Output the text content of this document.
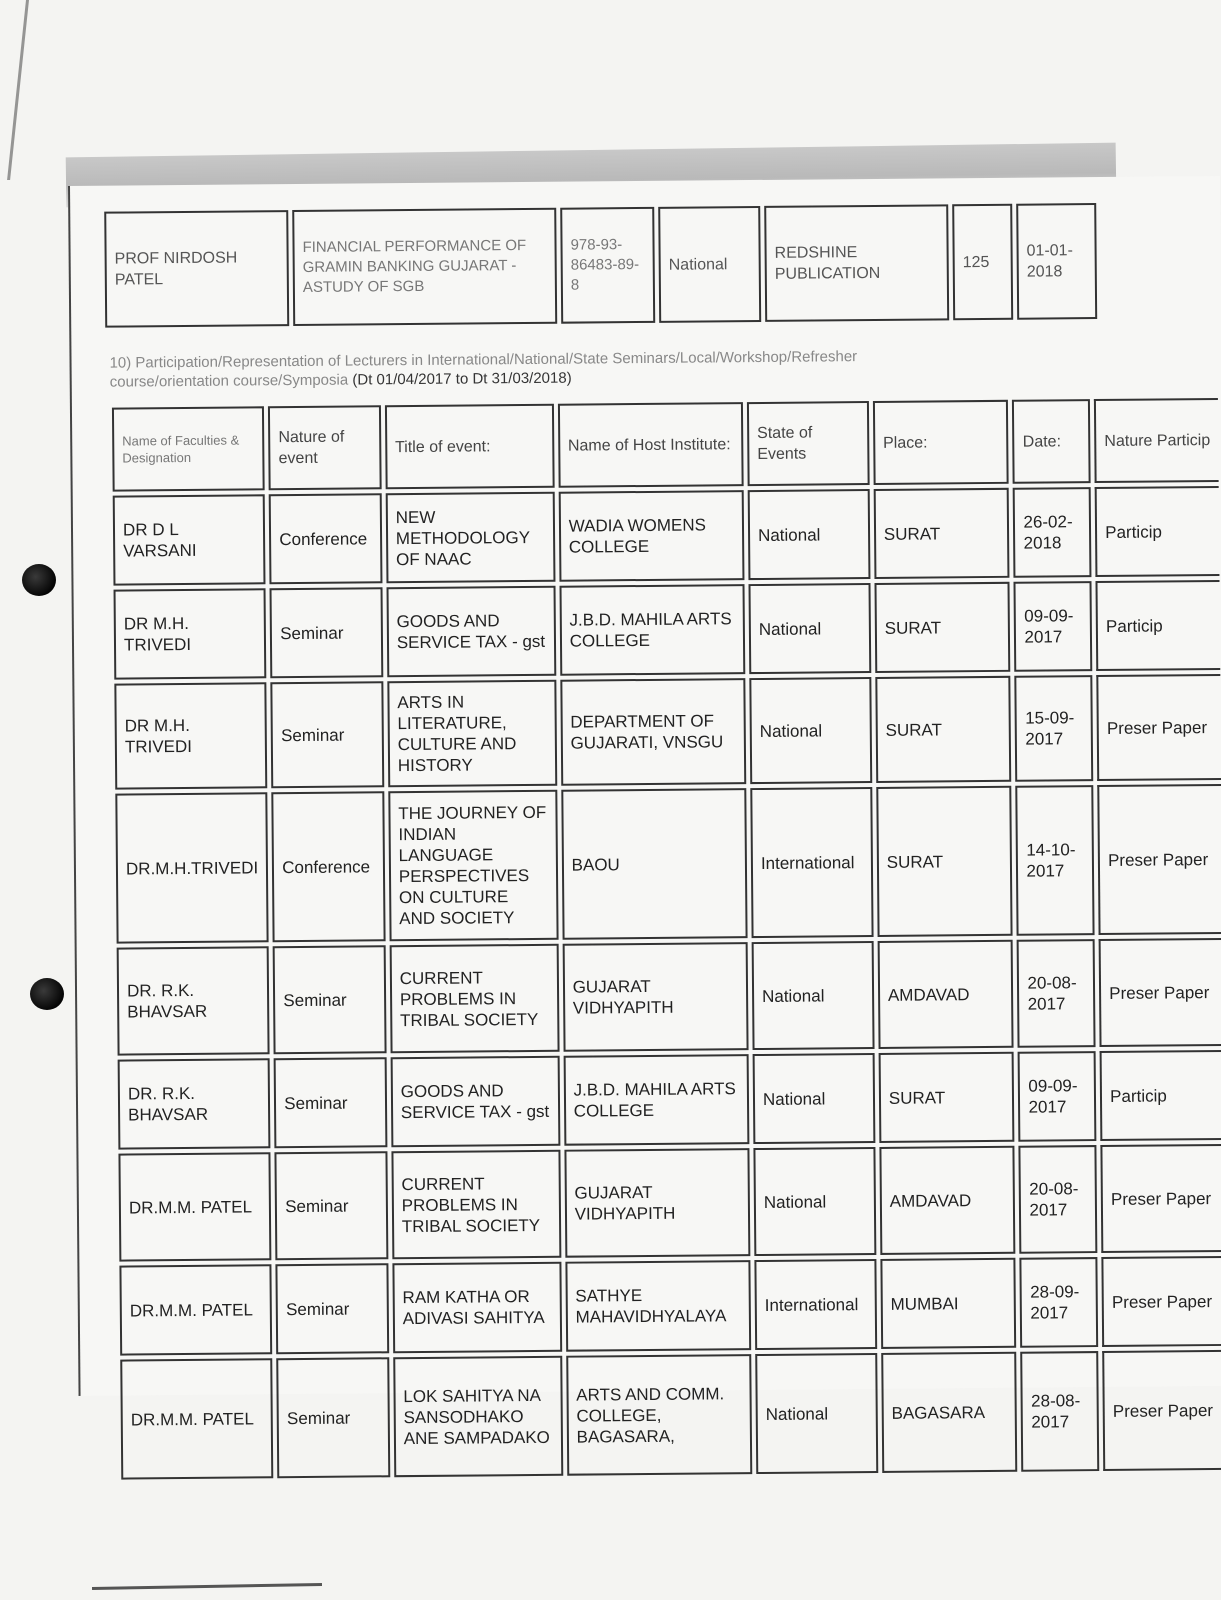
PROF NIRDOSH PATEL	FINANCIAL PERFORMANCE OF GRAMIN BANKING GUJARAT - ASTUDY OF SGB	978-93-86483-89-8	National	REDSHINE PUBLICATION	125	01-01-2018
10) Participation/Representation of Lecturers in International/National/State Seminars/Local/Workshop/Refresher
course/orientation course/Symposia (Dt 01/04/2017 to Dt 31/03/2018)
Name of Faculties & Designation	Nature of event	Title of event:	Name of Host Institute:	State of Events	Place:	Date:	Nature Particip
DR D L VARSANI	Conference	NEW METHODOLOGY OF NAAC	WADIA WOMENS COLLEGE	National	SURAT	26-02-2018	Particip
DR M.H. TRIVEDI	Seminar	GOODS AND SERVICE TAX - gst	J.B.D. MAHILA ARTS COLLEGE	National	SURAT	09-09-2017	Particip
DR M.H. TRIVEDI	Seminar	ARTS IN LITERATURE, CULTURE AND HISTORY	DEPARTMENT OF GUJARATI, VNSGU	National	SURAT	15-09-2017	Preser Paper
DR.M.H.TRIVEDI	Conference	THE JOURNEY OF INDIAN LANGUAGE PERSPECTIVES ON CULTURE AND SOCIETY	BAOU	International	SURAT	14-10-2017	Preser Paper
DR. R.K. BHAVSAR	Seminar	CURRENT PROBLEMS IN TRIBAL SOCIETY	GUJARAT VIDHYAPITH	National	AMDAVAD	20-08-2017	Preser Paper
DR. R.K. BHAVSAR	Seminar	GOODS AND SERVICE TAX - gst	J.B.D. MAHILA ARTS COLLEGE	National	SURAT	09-09-2017	Particip
DR.M.M. PATEL	Seminar	CURRENT PROBLEMS IN TRIBAL SOCIETY	GUJARAT VIDHYAPITH	National	AMDAVAD	20-08-2017	Preser Paper
DR.M.M. PATEL	Seminar	RAM KATHA OR ADIVASI SAHITYA	SATHYE MAHAVIDHYALAYA	International	MUMBAI	28-09-2017	Preser Paper
DR.M.M. PATEL	Seminar	LOK SAHITYA NA SANSODHAKO ANE SAMPADAKO	ARTS AND COMM. COLLEGE, BAGASARA,	National	BAGASARA	28-08-2017	Preser Paper
